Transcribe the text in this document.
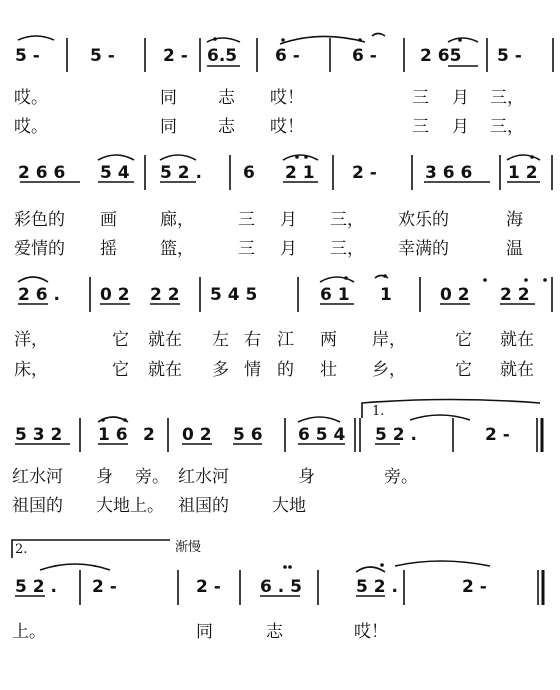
5 -	5 -	2 - 6.5 6 -	6 -	2 65 5 -
哎。	同 志 哎！	三 月 三，
哎。	同 志 哎！	三 月 三，
2 6 6 5 4 5 2 . 6 2 1 2 -	3 6 6 1 2
彩色的 画	廊，	三 月 三， 欢乐的	海
爱情的 摇	篮，	三 月 三， 幸满的	温
2 6 . 0 2 2 2 5 4 5	6 1 1	0 2 2 2
洋，	它 就在 左 右 江 两 岸，	它 就在
床，	它 就在 多 情 的 壮 乡，	它 就在
1.
5 3 2 1 6 2 0 2 5 6 6 5 4 5 2 .	2 -
红水河 身 旁。 红水河	身	旁。
祖国的 大地上。 祖国的	大地
2.	渐慢
5 2 . 2 -	2 - 6 . 5	5 2 .	2 -
上。	同	志	哎！
